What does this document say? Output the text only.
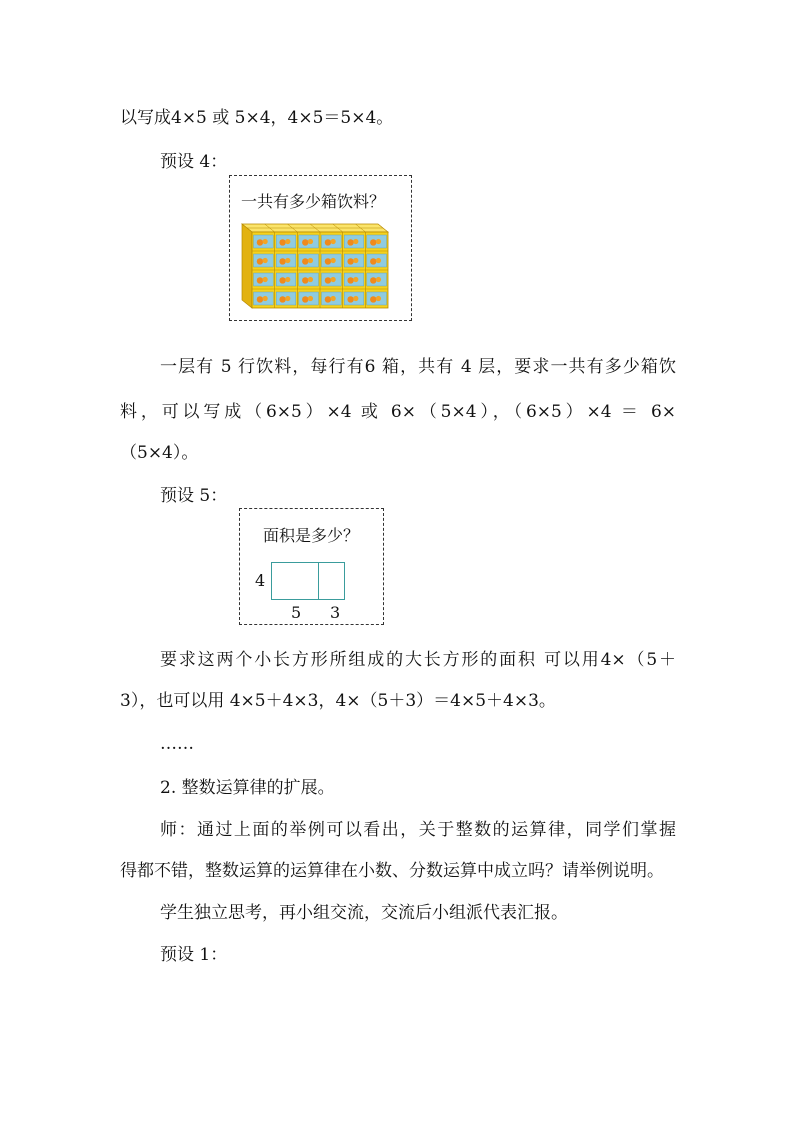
以写成4×5 或 5×4，4×5＝5×4。
预设 4：
一共有多少箱饮料？
一层有 5 行饮料，每行有6 箱，共有 4 层，要求一共有多少箱饮
料，可以写成（6×5）×4 或 6×（5×4），（6×5）×4 ＝ 6×
（5×4）。
预设 5：
面积是多少？
4
5 3
要求这两个小长方形所组成的大长方形的面积 可以用4×（5＋
3），也可以用 4×5＋4×3，4×（5＋3）＝4×5＋4×3。
……
2. 整数运算律的扩展。
师：通过上面的举例可以看出，关于整数的运算律，同学们掌握
得都不错，整数运算的运算律在小数、分数运算中成立吗？请举例说明。
学生独立思考，再小组交流，交流后小组派代表汇报。
预设 1：
